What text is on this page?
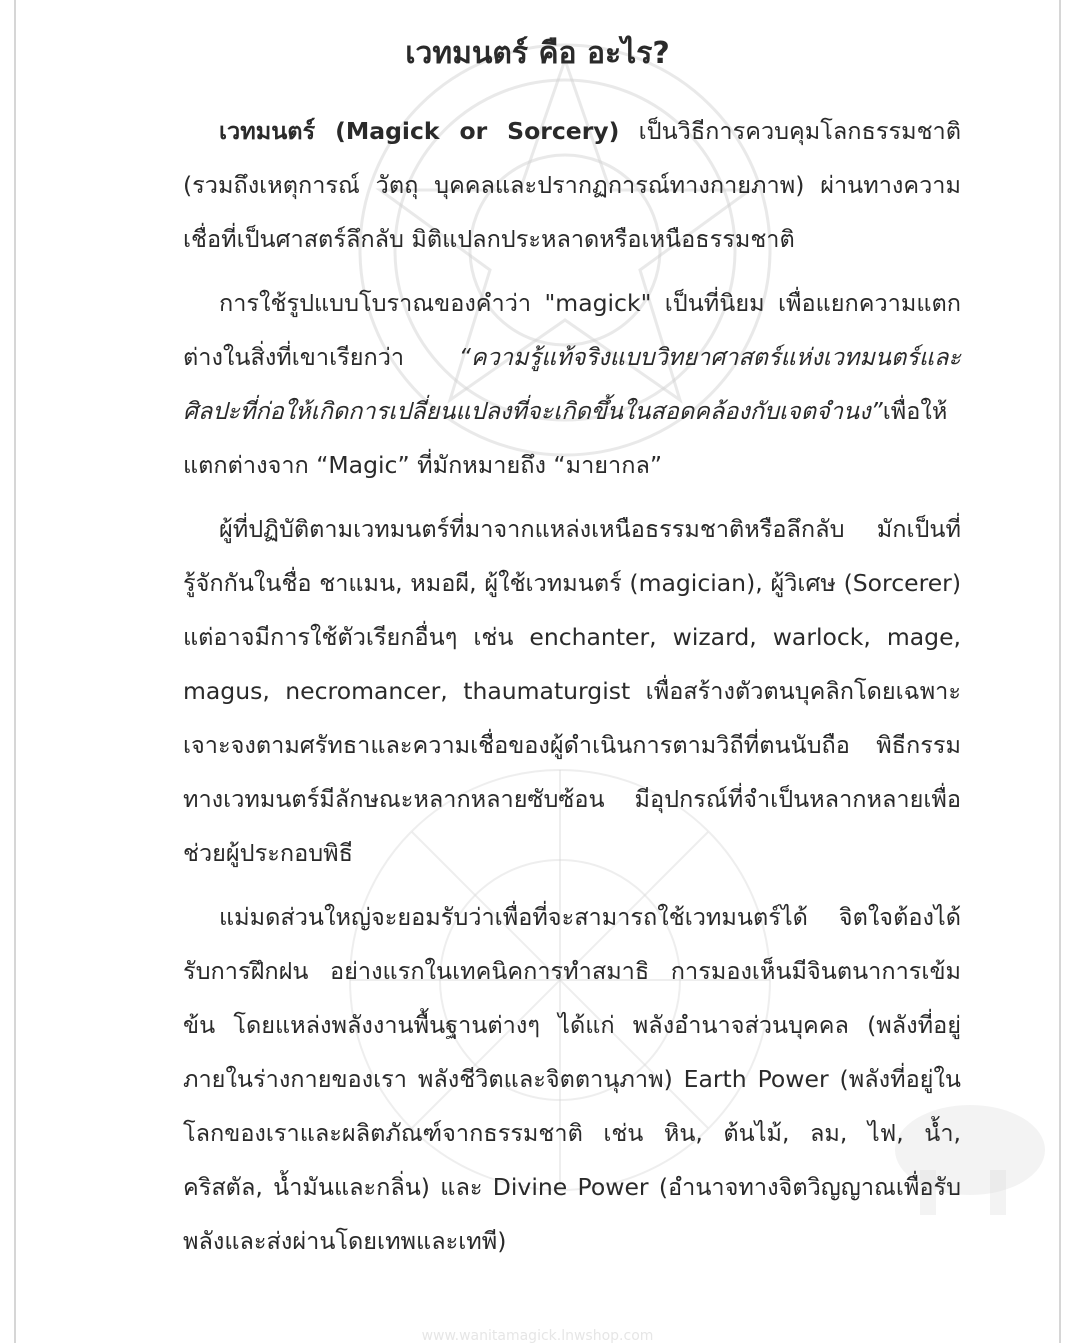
เวทมนตร์ คือ อะไร?

เวทมนตร์ (Magick or Sorcery) เป็นวิธีการควบคุมโลกธรรมชาติ (รวมถึงเหตุการณ์ วัตถุ บุคคลและปรากฏการณ์ทางกายภาพ) ผ่านทางความเชื่อที่เป็นศาสตร์ลึกลับ มิติแปลกประหลาดหรือเหนือธรรมชาติ

การใช้รูปแบบโบราณของคำว่า "magick" เป็นที่นิยม เพื่อแยกความแตกต่างในสิ่งที่เขาเรียกว่า “ความรู้แท้จริงแบบวิทยาศาสตร์แห่งเวทมนตร์และศิลปะที่ก่อให้เกิดการเปลี่ยนแปลงที่จะเกิดขึ้นในสอดคล้องกับเจตจำนง”เพื่อให้แตกต่างจาก “Magic” ที่มักหมายถึง “มายากล”

ผู้ที่ปฏิบัติตามเวทมนตร์ที่มาจากแหล่งเหนือธรรมชาติหรือลึกลับ มักเป็นที่รู้จักกันในชื่อ ชาแมน, หมอผี, ผู้ใช้เวทมนตร์ (magician), ผู้วิเศษ (Sorcerer) แต่อาจมีการใช้ตัวเรียกอื่นๆ เช่น enchanter, wizard, warlock, mage, magus, necromancer, thaumaturgist เพื่อสร้างตัวตนบุคลิกโดยเฉพาะเจาะจงตามศรัทธาและความเชื่อของผู้ดำเนินการตามวิถีที่ตนนับถือ พิธีกรรมทางเวทมนตร์มีลักษณะหลากหลายซับซ้อน มีอุปกรณ์ที่จำเป็นหลากหลายเพื่อช่วยผู้ประกอบพิธี

แม่มดส่วนใหญ่จะยอมรับว่าเพื่อที่จะสามารถใช้เวทมนตร์ได้ จิตใจต้องได้รับการฝึกฝน อย่างแรกในเทคนิคการทำสมาธิ การมองเห็นมีจินตนาการเข้มข้น โดยแหล่งพลังงานพื้นฐานต่างๆ ได้แก่ พลังอำนาจส่วนบุคคล (พลังที่อยู่ภายในร่างกายของเรา พลังชีวิตและจิตตานุภาพ) Earth Power (พลังที่อยู่ในโลกของเราและผลิตภัณฑ์จากธรรมชาติ เช่น หิน, ต้นไม้, ลม, ไฟ, น้ำ, คริสตัล, น้ำมันและกลิ่น) และ Divine Power (อำนาจทางจิตวิญญาณเพื่อรับพลังและส่งผ่านโดยเทพและเทพี)

www.wanitamagick.lnwshop.com
